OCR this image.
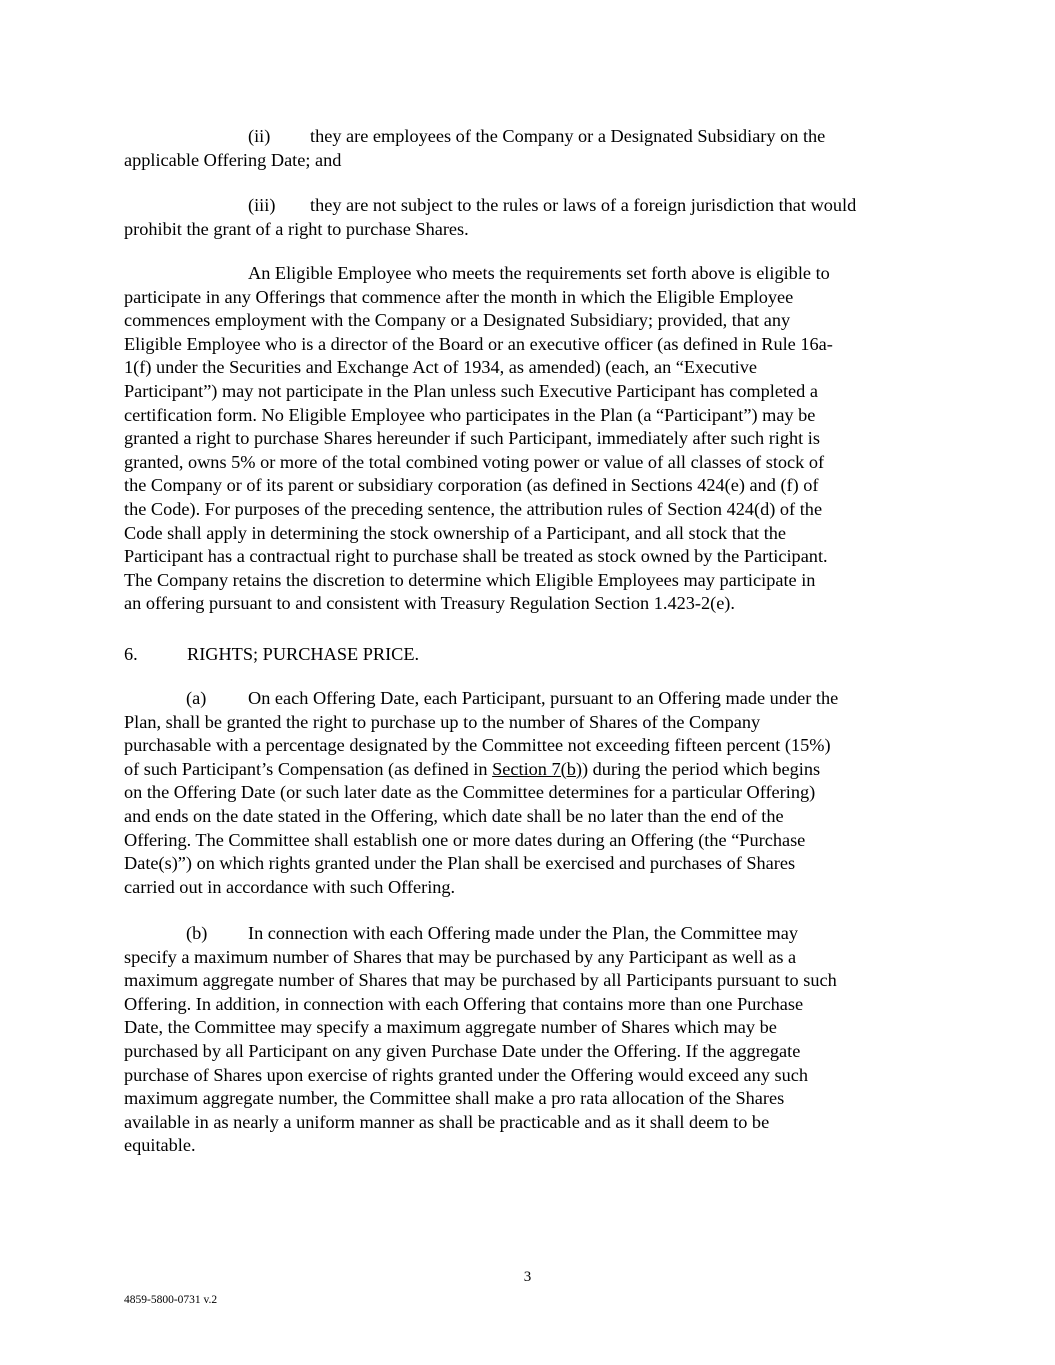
(ii) they are employees of the Company or a Designated Subsidiary on the
applicable Offering Date; and
(iii) they are not subject to the rules or laws of a foreign jurisdiction that would
prohibit the grant of a right to purchase Shares.
An Eligible Employee who meets the requirements set forth above is eligible to
participate in any Offerings that commence after the month in which the Eligible Employee
commences employment with the Company or a Designated Subsidiary; provided, that any
Eligible Employee who is a director of the Board or an executive officer (as defined in Rule 16a-
1(f) under the Securities and Exchange Act of 1934, as amended) (each, an “Executive
Participant”) may not participate in the Plan unless such Executive Participant has completed a
certification form. No Eligible Employee who participates in the Plan (a “Participant”) may be
granted a right to purchase Shares hereunder if such Participant, immediately after such right is
granted, owns 5% or more of the total combined voting power or value of all classes of stock of
the Company or of its parent or subsidiary corporation (as defined in Sections 424(e) and (f) of
the Code). For purposes of the preceding sentence, the attribution rules of Section 424(d) of the
Code shall apply in determining the stock ownership of a Participant, and all stock that the
Participant has a contractual right to purchase shall be treated as stock owned by the Participant.
The Company retains the discretion to determine which Eligible Employees may participate in
an offering pursuant to and consistent with Treasury Regulation Section 1.423-2(e).
6.	RIGHTS; PURCHASE PRICE.
(a) On each Offering Date, each Participant, pursuant to an Offering made under the
Plan, shall be granted the right to purchase up to the number of Shares of the Company
purchasable with a percentage designated by the Committee not exceeding fifteen percent (15%)
of such Participant’s Compensation (as defined in Section 7(b)) during the period which begins
on the Offering Date (or such later date as the Committee determines for a particular Offering)
and ends on the date stated in the Offering, which date shall be no later than the end of the
Offering. The Committee shall establish one or more dates during an Offering (the “Purchase
Date(s)”) on which rights granted under the Plan shall be exercised and purchases of Shares
carried out in accordance with such Offering.
(b) In connection with each Offering made under the Plan, the Committee may
specify a maximum number of Shares that may be purchased by any Participant as well as a
maximum aggregate number of Shares that may be purchased by all Participants pursuant to such
Offering. In addition, in connection with each Offering that contains more than one Purchase
Date, the Committee may specify a maximum aggregate number of Shares which may be
purchased by all Participant on any given Purchase Date under the Offering. If the aggregate
purchase of Shares upon exercise of rights granted under the Offering would exceed any such
maximum aggregate number, the Committee shall make a pro rata allocation of the Shares
available in as nearly a uniform manner as shall be practicable and as it shall deem to be
equitable.
3
4859-5800-0731 v.2
